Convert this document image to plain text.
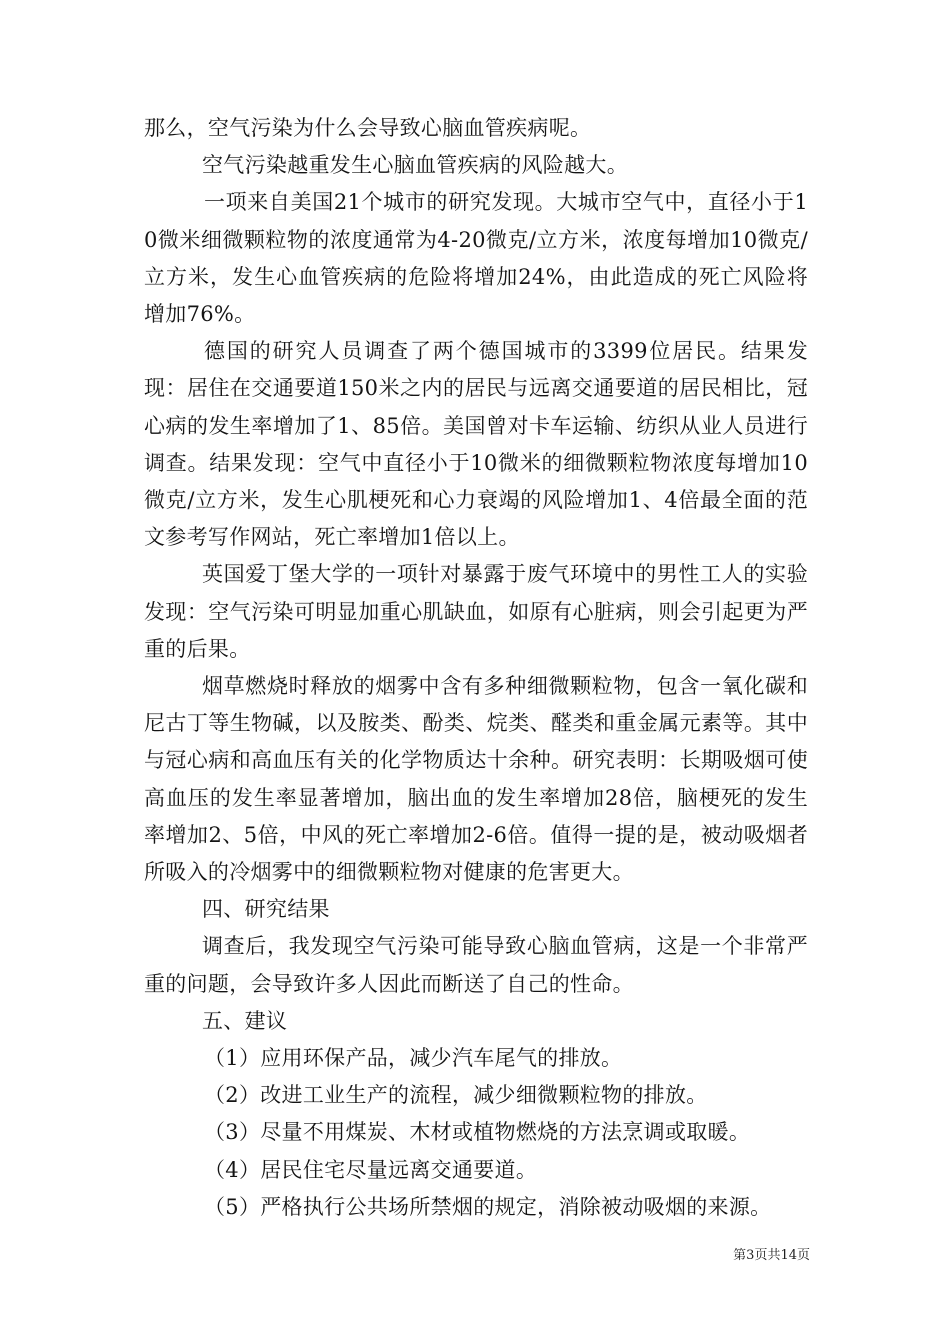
那么，空气污染为什么会导致心脑血管疾病呢。

空气污染越重发生心脑血管疾病的风险越大。

一项来自美国21个城市的研究发现。大城市空气中，直径小于10微米细微颗粒物的浓度通常为4-20微克/立方米，浓度每增加10微克/立方米，发生心血管疾病的危险将增加24%，由此造成的死亡风险将增加76%。

德国的研究人员调查了两个德国城市的3399位居民。结果发现：居住在交通要道150米之内的居民与远离交通要道的居民相比，冠心病的发生率增加了1、85倍。美国曾对卡车运输、纺织从业人员进行调查。结果发现：空气中直径小于10微米的细微颗粒物浓度每增加10微克/立方米，发生心肌梗死和心力衰竭的风险增加1、4倍最全面的范文参考写作网站，死亡率增加1倍以上。

英国爱丁堡大学的一项针对暴露于废气环境中的男性工人的实验发现：空气污染可明显加重心肌缺血，如原有心脏病，则会引起更为严重的后果。

烟草燃烧时释放的烟雾中含有多种细微颗粒物，包含一氧化碳和尼古丁等生物碱，以及胺类、酚类、烷类、醛类和重金属元素等。其中与冠心病和高血压有关的化学物质达十余种。研究表明：长期吸烟可使高血压的发生率显著增加，脑出血的发生率增加28倍，脑梗死的发生率增加2、5倍，中风的死亡率增加2-6倍。值得一提的是，被动吸烟者所吸入的冷烟雾中的细微颗粒物对健康的危害更大。

四、研究结果

调查后，我发现空气污染可能导致心脑血管病，这是一个非常严重的问题，会导致许多人因此而断送了自己的性命。

五、建议

（1）应用环保产品，减少汽车尾气的排放。

（2）改进工业生产的流程，减少细微颗粒物的排放。

（3）尽量不用煤炭、木材或植物燃烧的方法烹调或取暖。

（4）居民住宅尽量远离交通要道。

（5）严格执行公共场所禁烟的规定，消除被动吸烟的来源。

第3页共14页
